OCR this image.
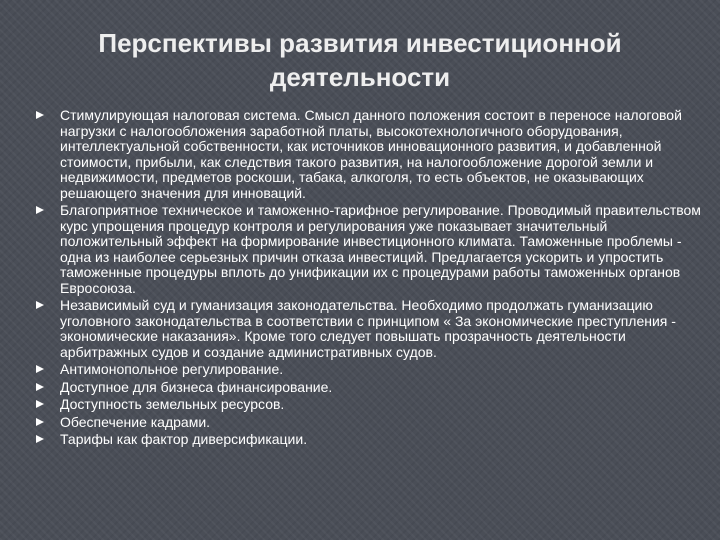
Перспективы развития инвестиционной деятельности
Стимулирующая налоговая система. Смысл данного положения состоит в переносе налоговой нагрузки с налогообложения заработной платы, высокотехнологичного оборудования, интеллектуальной собственности, как источников инновационного развития, и добавленной стоимости, прибыли, как следствия такого развития, на налогообложение дорогой земли и недвижимости, предметов роскоши, табака, алкоголя, то есть объектов, не оказывающих решающего значения для инноваций.
Благоприятное техническое и таможенно-тарифное регулирование. Проводимый правительством курс упрощения процедур контроля и регулирования уже показывает значительный положительный эффект на формирование инвестиционного климата. Таможенные проблемы - одна из наиболее серьезных причин отказа инвестиций. Предлагается ускорить и упростить таможенные процедуры вплоть до унификации их с процедурами работы таможенных органов Евросоюза.
Независимый суд и гуманизация законодательства. Необходимо продолжать гуманизацию уголовного законодательства в соответствии с принципом « За экономические преступления - экономические наказания». Кроме того следует повышать прозрачность деятельности арбитражных судов и создание административных судов.
Антимонопольное регулирование.
Доступное для бизнеса финансирование.
Доступность земельных ресурсов.
Обеспечение кадрами.
Тарифы как фактор диверсификации.
